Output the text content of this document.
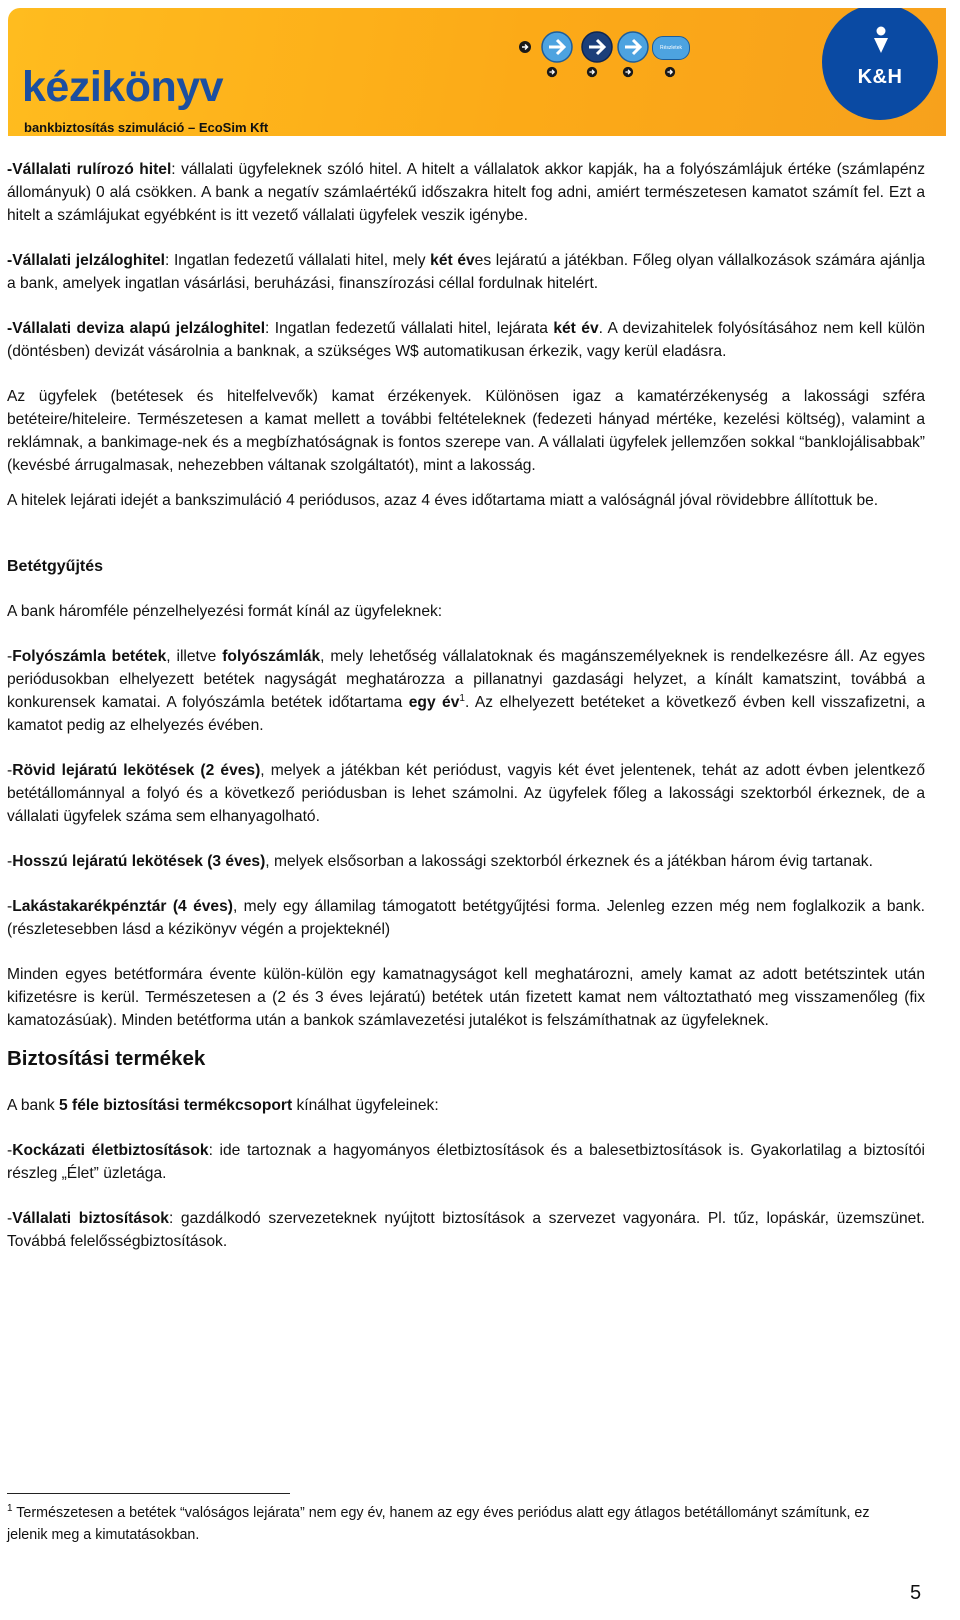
kézikönyv

bankbiztosítás szimuláció – EcoSim Kft

Részletek
K&H

-Vállalati rulírozó hitel: vállalati ügyfeleknek szóló hitel. A hitelt a vállalatok akkor kapják, ha a folyószámlájuk értéke (számlapénz állományuk) 0 alá csökken. A bank a negatív számlaértékű időszakra hitelt fog adni, amiért természetesen kamatot számít fel. Ezt a hitelt a számlájukat egyébként is itt vezető vállalati ügyfelek veszik igénybe.

-Vállalati jelzáloghitel: Ingatlan fedezetű vállalati hitel, mely két éves lejáratú a játékban. Főleg olyan vállalkozások számára ajánlja a bank, amelyek ingatlan vásárlási, beruházási, finanszírozási céllal fordulnak hitelért.

-Vállalati deviza alapú jelzáloghitel: Ingatlan fedezetű vállalati hitel, lejárata két év. A devizahitelek folyósításához nem kell külön (döntésben) devizát vásárolnia a banknak, a szükséges W$ automatikusan érkezik, vagy kerül eladásra.

Az ügyfelek (betétesek és hitelfelvevők) kamat érzékenyek. Különösen igaz a kamatérzékenység a lakossági szféra betéteire/hiteleire. Természetesen a kamat mellett a további feltételeknek (fedezeti hányad mértéke, kezelési költség), valamint a reklámnak, a bankimage-nek és a megbízhatóságnak is fontos szerepe van. A vállalati ügyfelek jellemzően sokkal “banklojálisabbak” (kevésbé árrugalmasak, nehezebben váltanak szolgáltatót), mint a lakosság.

A hitelek lejárati idejét a bankszimuláció 4 periódusos, azaz 4 éves időtartama miatt a valóságnál jóval rövidebbre állítottuk be.

Betétgyűjtés

A bank háromféle pénzelhelyezési formát kínál az ügyfeleknek:

-Folyószámla betétek, illetve folyószámlák, mely lehetőség vállalatoknak és magánszemélyeknek is rendelkezésre áll. Az egyes periódusokban elhelyezett betétek nagyságát meghatározza a pillanatnyi gazdasági helyzet, a kínált kamatszint, továbbá a konkurensek kamatai. A folyószámla betétek időtartama egy $év^1$. Az elhelyezett betéteket a következő évben kell visszafizetni, a kamatot pedig az elhelyezés évében.

-Rövid lejáratú lekötések (2 éves), melyek a játékban két periódust, vagyis két évet jelentenek, tehát az adott évben jelentkező betétállománnyal a folyó és a következő periódusban is lehet számolni. Az ügyfelek főleg a lakossági szektorból érkeznek, de a vállalati ügyfelek száma sem elhanyagolható.

-Hosszú lejáratú lekötések (3 éves), melyek elsősorban a lakossági szektorból érkeznek és a játékban három évig tartanak.

-Lakástakarékpénztár (4 éves), mely egy államilag támogatott betétgyűjtési forma. Jelenleg ezzen még nem foglalkozik a bank. (részletesebben lásd a kézikönyv végén a projekteknél)

Minden egyes betétformára évente külön-külön egy kamatnagyságot kell meghatározni, amely kamat az adott betétszintek után kifizetésre is kerül. Természetesen a (2 és 3 éves lejáratú) betétek után fizetett kamat nem változtatható meg visszamenőleg (fix kamatozásúak). Minden betétforma után a bankok számlavezetési jutalékot is felszámíthatnak az ügyfeleknek.

Biztosítási termékek

A bank 5 féle biztosítási termékcsoport kínálhat ügyfeleinek:

-Kockázati életbiztosítások: ide tartoznak a hagyományos életbiztosítások és a balesetbiztosítások is. Gyakorlatilag a biztosítói részleg „Élet” üzletága.

-Vállalati biztosítások: gazdálkodó szervezeteknek nyújtott biztosítások a szervezet vagyonára. Pl. tűz, lopáskár, üzemszünet. Továbbá felelősségbiztosítások.

$^1$ Természetesen a betétek “valóságos lejárata” nem egy év, hanem az egy éves periódus alatt egy átlagos betétállományt számítunk, ez jelenik meg a kimutatásokban.
5
